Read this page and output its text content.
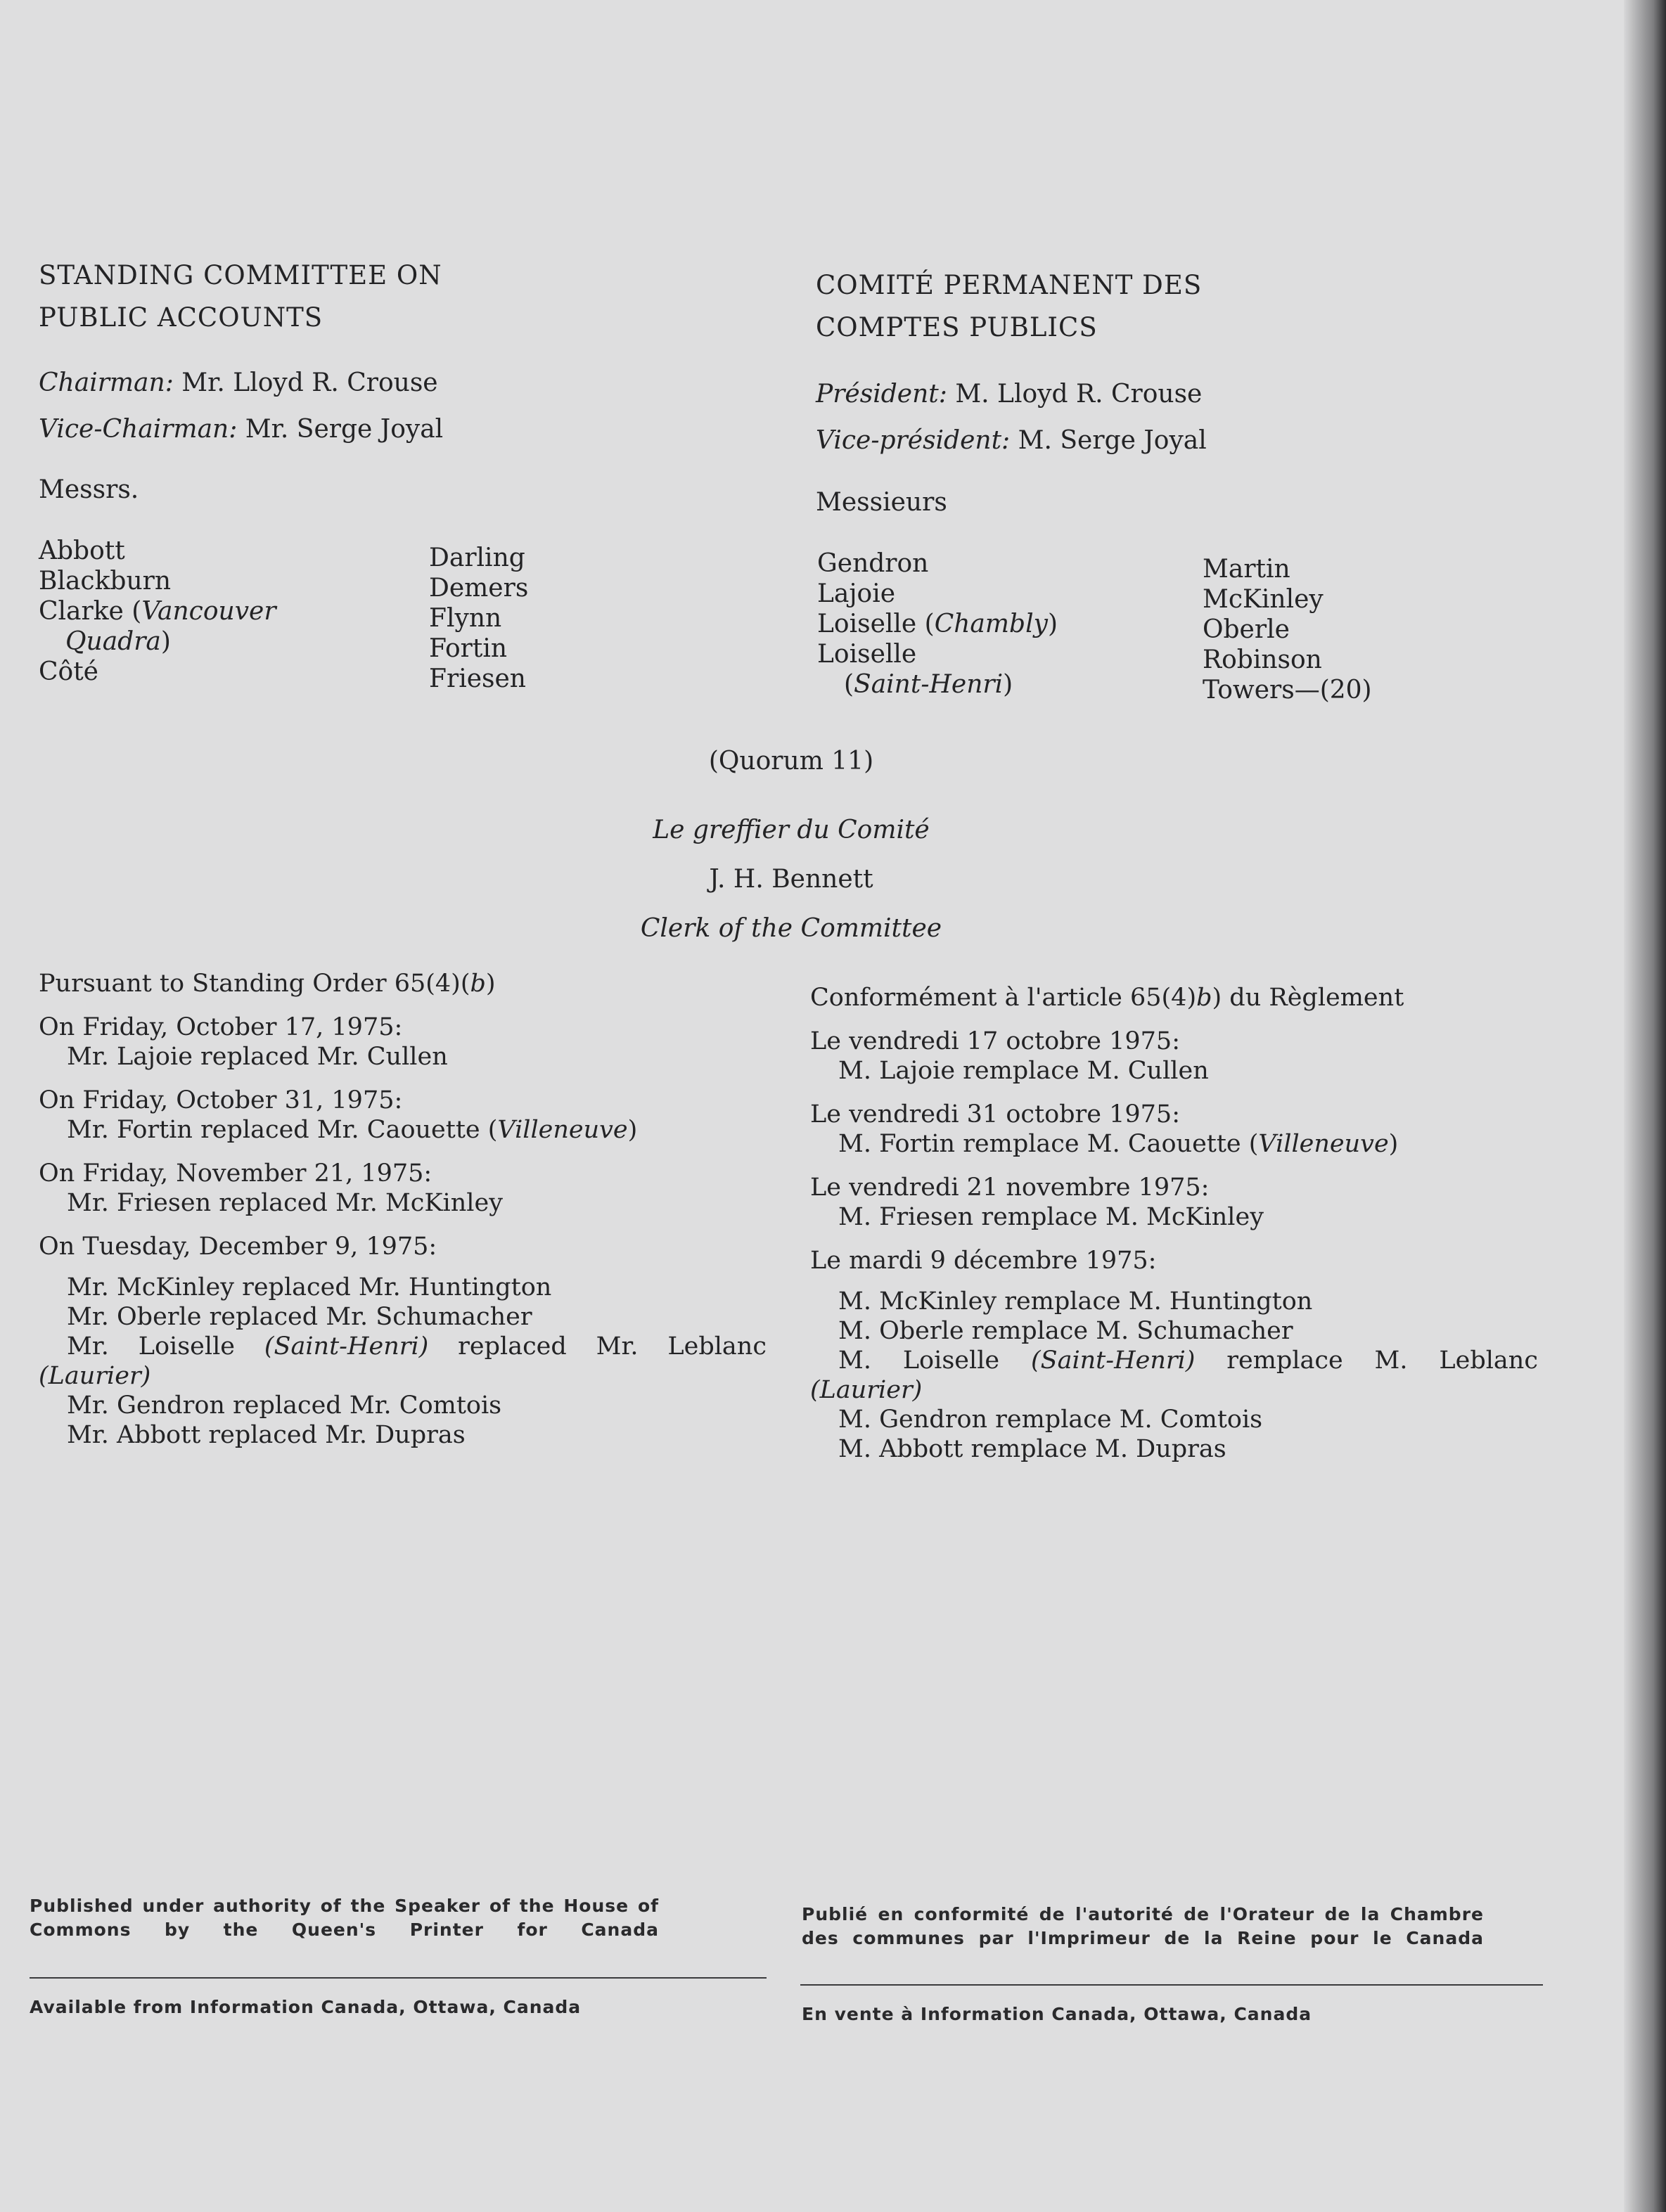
STANDING COMMITTEE ON
PUBLIC ACCOUNTS
Chairman: Mr. Lloyd R. Crouse
Vice-Chairman: Mr. Serge Joyal
Messrs.
Abbott
Blackburn
Clarke (Vancouver
Quadra)
Côté
Darling
Demers
Flynn
Fortin
Friesen
COMITÉ PERMANENT DES
COMPTES PUBLICS
Président: M. Lloyd R. Crouse
Vice-président: M. Serge Joyal
Messieurs
Gendron
Lajoie
Loiselle (Chambly)
Loiselle
(Saint-Henri)
Martin
McKinley
Oberle
Robinson
Towers—(20)
(Quorum 11)
Le greffier du Comité
J. H. Bennett
Clerk of the Committee
Pursuant to Standing Order 65(4)(b)
On Friday, October 17, 1975:
Mr. Lajoie replaced Mr. Cullen
On Friday, October 31, 1975:
Mr. Fortin replaced Mr. Caouette (Villeneuve)
On Friday, November 21, 1975:
Mr. Friesen replaced Mr. McKinley
On Tuesday, December 9, 1975:
Mr. McKinley replaced Mr. Huntington
Mr. Oberle replaced Mr. Schumacher
Mr. Loiselle (Saint-Henri) replaced Mr. Leblanc
(Laurier)
Mr. Gendron replaced Mr. Comtois
Mr. Abbott replaced Mr. Dupras
Conformément à l'article 65(4)b) du Règlement
Le vendredi 17 octobre 1975:
M. Lajoie remplace M. Cullen
Le vendredi 31 octobre 1975:
M. Fortin remplace M. Caouette (Villeneuve)
Le vendredi 21 novembre 1975:
M. Friesen remplace M. McKinley
Le mardi 9 décembre 1975:
M. McKinley remplace M. Huntington
M. Oberle remplace M. Schumacher
M. Loiselle (Saint-Henri) remplace M. Leblanc
(Laurier)
M. Gendron remplace M. Comtois
M. Abbott remplace M. Dupras
Published under authority of the Speaker of the House of Commons by the Queen's Printer for Canada
Available from Information Canada, Ottawa, Canada
Publié en conformité de l'autorité de l'Orateur de la Chambre des communes par l'Imprimeur de la Reine pour le Canada
En vente à Information Canada, Ottawa, Canada
